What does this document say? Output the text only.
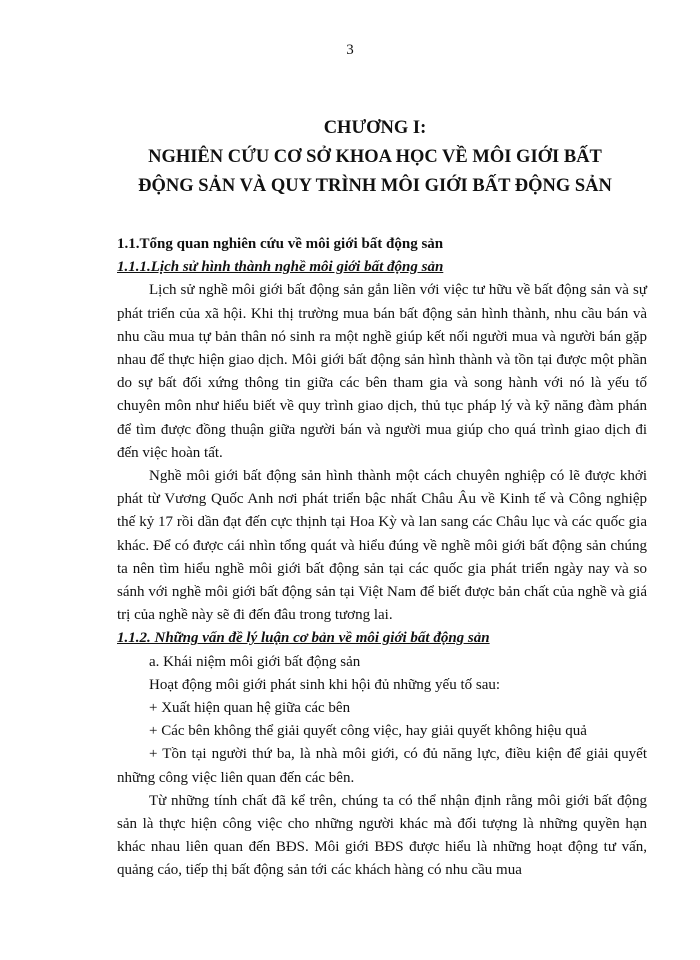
3
CHƯƠNG I:
NGHIÊN CỨU CƠ SỞ KHOA HỌC VỀ MÔI GIỚI BẤT
ĐỘNG SẢN VÀ QUY TRÌNH MÔI GIỚI BẤT ĐỘNG SẢN

1.1.Tổng quan nghiên cứu về môi giới bất động sản

1.1.1.Lịch sử hình thành nghề môi giới bất động sản

Lịch sử nghề môi giới bất động sản gắn liền với việc tư hữu về bất động sản và sự phát triển của xã hội. Khi thị trường mua bán bất động sản hình thành, nhu cầu bán và nhu cầu mua tự bản thân nó sinh ra một nghề giúp kết nối người mua và người bán gặp nhau để thực hiện giao dịch. Môi giới bất động sản hình thành và tồn tại được một phần do sự bất đối xứng thông tin giữa các bên tham gia và song hành với nó là yếu tố chuyên môn như hiểu biết về quy trình giao dịch, thủ tục pháp lý và kỹ năng đàm phán để tìm được đồng thuận giữa người bán và người mua giúp cho quá trình giao dịch đi đến việc hoàn tất.

Nghề môi giới bất động sản hình thành một cách chuyên nghiệp có lẽ được khởi phát từ Vương Quốc Anh nơi phát triển bậc nhất Châu Âu về Kinh tế và Công nghiệp thế kỷ 17 rồi dần đạt đến cực thịnh tại Hoa Kỳ và lan sang các Châu lục và các quốc gia khác. Để có được cái nhìn tổng quát và hiểu đúng về nghề môi giới bất động sản chúng ta nên tìm hiểu nghề môi giới bất động sản tại các quốc gia phát triển ngày nay và so sánh với nghề môi giới bất động sản tại Việt Nam để biết được bản chất của nghề và giá trị của nghề này sẽ đi đến đâu trong tương lai.

1.1.2. Những vấn đề lý luận cơ bản về môi giới bất động sản

a. Khái niệm môi giới bất động sản

Hoạt động môi giới phát sinh khi hội đủ những yếu tố sau:

+ Xuất hiện quan hệ giữa các bên

+ Các bên không thể giải quyết công việc, hay giải quyết không hiệu quả

+ Tồn tại người thứ ba, là nhà môi giới, có đủ năng lực, điều kiện để giải quyết những công việc liên quan đến các bên.

Từ những tính chất đã kể trên, chúng ta có thể nhận định rằng môi giới bất động sản là thực hiện công việc cho những người khác mà đối tượng là những quyền hạn khác nhau liên quan đến BĐS. Môi giới BĐS được hiểu là những hoạt động tư vấn, quảng cáo, tiếp thị bất động sản tới các khách hàng có nhu cầu mua
